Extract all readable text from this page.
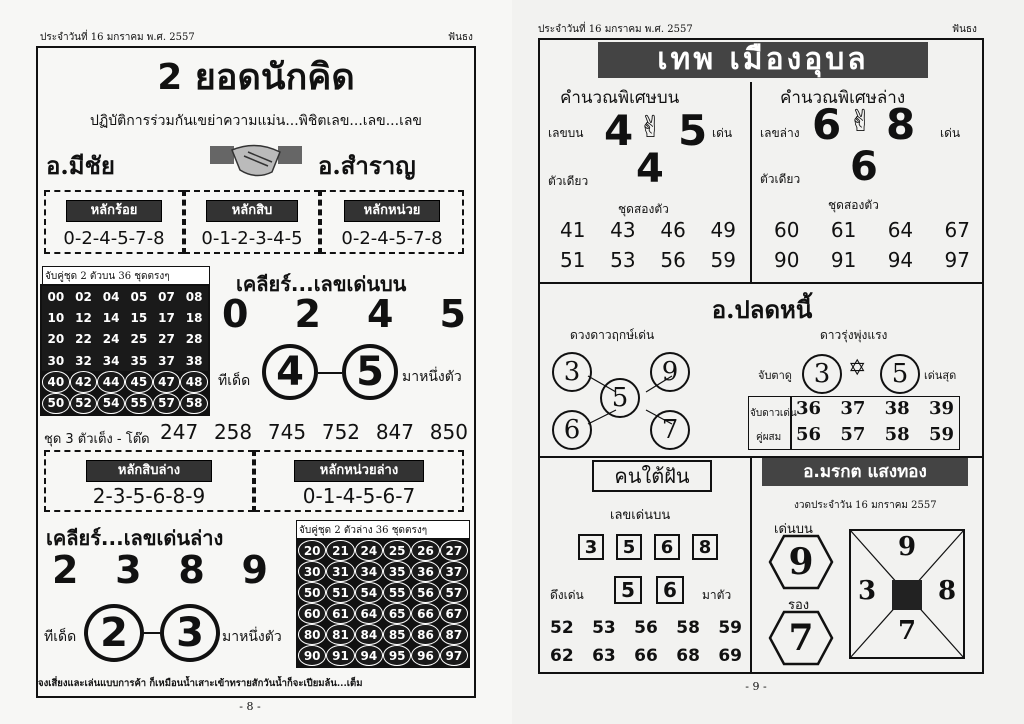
ประจำวันที่ 16 มกราคม พ.ศ. 2557	ฟันธง
2 ยอดนักคิด
ปฏิบัติการร่วมกันเขย่าความแม่น...พิชิตเลข...เลข...เลข
อ.มีชัย	อ.สำราญ
หลักร้อย	หลักสิบ	หลักหน่วย
0-2-4-5-7-8	0-1-2-3-4-5	0-2-4-5-7-8
จับคู่ชุด 2 ตัวบน 36 ชุดตรงๆ
00 02 04 05 07 08
10 12 14 15 17 18
20 22 24 25 27 28
30 32 34 35 37 38
40 42 44 45 47 48
50 52 54 55 57 58
เคลียร์...เลขเด่นบน
0 2 4 5
ทีเด็ด 4	5	มาหนึ่งตัว
ชุด 3 ตัวเต็ง - โต๊ด 247 258 745 752 847 850
หลักสิบล่าง	หลักหน่วยล่าง
2-3-5-6-8-9	0-1-4-5-6-7
เคลียร์...เลขเด่นล่าง
2 3 8 9
ทีเด็ด 2	3	มาหนึ่งตัว
จับคู่ชุด 2 ตัวล่าง 36 ชุดตรงๆ
20 21 24 25 26 27
30 31 34 35 36 37
50 51 54 55 56 57
60 61 64 65 66 67
80 81 84 85 86 87
90 91 94 95 96 97
จงเสี่ยงและเล่นแบบการค้า ก็เหมือนน้ำเสาะเข้าทรายสักวันน้ำก็จะเปียมล้น...เต็ม
- 8 -
ประจำวันที่ 16 มกราคม พ.ศ. 2557	ฟันธง
เทพ เมืองอุบล
คำนวณพิเศษบน	คำนวณพิเศษล่าง
เลขบน 4 ✌ 5 เด่น เลขล่าง 6 ✌ 8 เด่น
ตัวเดียว 4	ตัวเดียว 6
ชุดสองตัว	ชุดสองตัว
41 43 46 49
51 53 56 59
60 61 64 67
90 91 94 97
อ.ปลดหนี้
ดวงดาวฤกษ์เด่น
3	9
5
6	7
ดาวรุ่งพุ่งแรง
จับตาดู 3 ✡ 5	เด่นสุด
จับดาวเด่น
คู่ผสม
36 37 38 39
56 57 58 59
คนใต้ฝัน
เลขเด่นบน
3	5	6	8
ดึงเด่น	5	6	มาตัว
52 53 56 58 59
62 63 66 68 69
อ.มรกต แสงทอง
งวดประจำวัน 16 มกราคม 2557
เด่นบน
9
รอง
7
9
3 8
7
- 9 -
